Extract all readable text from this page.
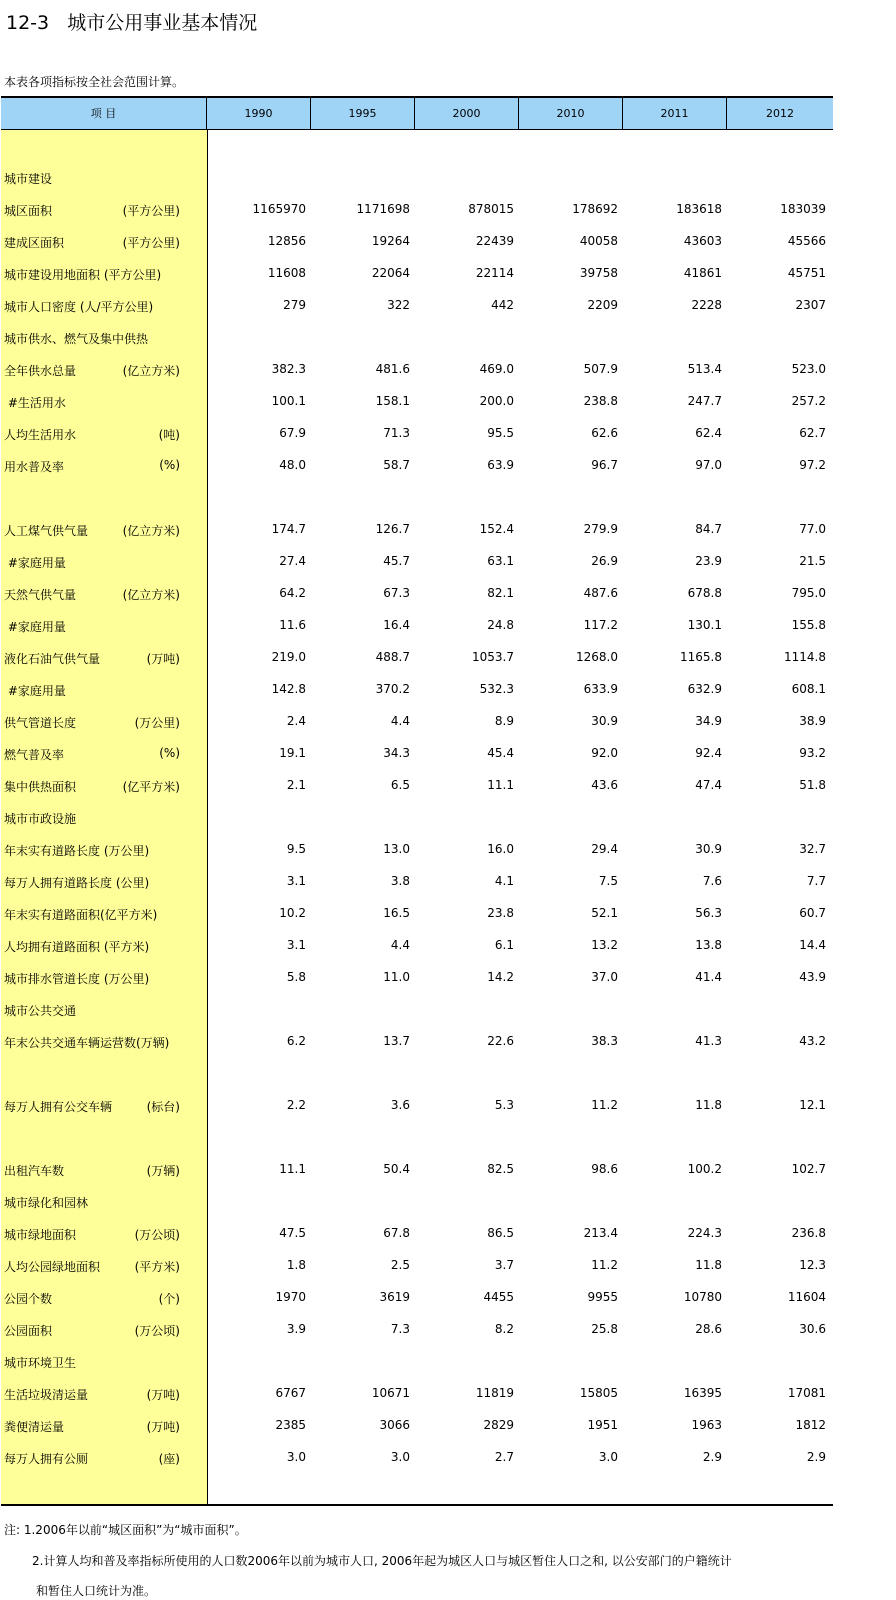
12-3   城市公用事业基本情况
本表各项指标按全社会范围计算。
项 目	1990	1995	2000	2010	2011	2012
城市建设
城区面积	(平方公里)	1165970	1171698	878015	178692	183618	183039
建成区面积	(平方公里)	12856	19264	22439	40058	43603	45566
城市建设用地面积 (平方公里)	11608	22064	22114	39758	41861	45751
城市人口密度 (人/平方公里)	279	322	442	2209	2228	2307
城市供水、燃气及集中供热
全年供水总量	(亿立方米)	382.3	481.6	469.0	507.9	513.4	523.0
#生活用水	100.1	158.1	200.0	238.8	247.7	257.2
人均生活用水	(吨)	67.9	71.3	95.5	62.6	62.4	62.7
用水普及率	(%)	48.0	58.7	63.9	96.7	97.0	97.2
人工煤气供气量	(亿立方米)	174.7	126.7	152.4	279.9	84.7	77.0
#家庭用量	27.4	45.7	63.1	26.9	23.9	21.5
天然气供气量	(亿立方米)	64.2	67.3	82.1	487.6	678.8	795.0
#家庭用量	11.6	16.4	24.8	117.2	130.1	155.8
液化石油气供气量	(万吨)	219.0	488.7	1053.7	1268.0	1165.8	1114.8
#家庭用量	142.8	370.2	532.3	633.9	632.9	608.1
供气管道长度	(万公里)	2.4	4.4	8.9	30.9	34.9	38.9
燃气普及率	(%)	19.1	34.3	45.4	92.0	92.4	93.2
集中供热面积	(亿平方米)	2.1	6.5	11.1	43.6	47.4	51.8
城市市政设施
年末实有道路长度 (万公里)	9.5	13.0	16.0	29.4	30.9	32.7
每万人拥有道路长度 (公里)	3.1	3.8	4.1	7.5	7.6	7.7
年末实有道路面积(亿平方米)	10.2	16.5	23.8	52.1	56.3	60.7
人均拥有道路面积 (平方米)	3.1	4.4	6.1	13.2	13.8	14.4
城市排水管道长度 (万公里)	5.8	11.0	14.2	37.0	41.4	43.9
城市公共交通
年末公共交通车辆运营数(万辆)	6.2	13.7	22.6	38.3	41.3	43.2
每万人拥有公交车辆	(标台)	2.2	3.6	5.3	11.2	11.8	12.1
出租汽车数	(万辆)	11.1	50.4	82.5	98.6	100.2	102.7
城市绿化和园林
城市绿地面积	(万公顷)	47.5	67.8	86.5	213.4	224.3	236.8
人均公园绿地面积	(平方米)	1.8	2.5	3.7	11.2	11.8	12.3
公园个数	(个)	1970	3619	4455	9955	10780	11604
公园面积	(万公顷)	3.9	7.3	8.2	25.8	28.6	30.6
城市环境卫生
生活垃圾清运量	(万吨)	6767	10671	11819	15805	16395	17081
粪便清运量	(万吨)	2385	3066	2829	1951	1963	1812
每万人拥有公厕	(座)	3.0	3.0	2.7	3.0	2.9	2.9
注: 1.2006年以前“城区面积”为“城市面积”。
2.计算人均和普及率指标所使用的人口数2006年以前为城市人口, 2006年起为城区人口与城区暂住人口之和, 以公安部门的户籍统计
和暂住人口统计为准。
